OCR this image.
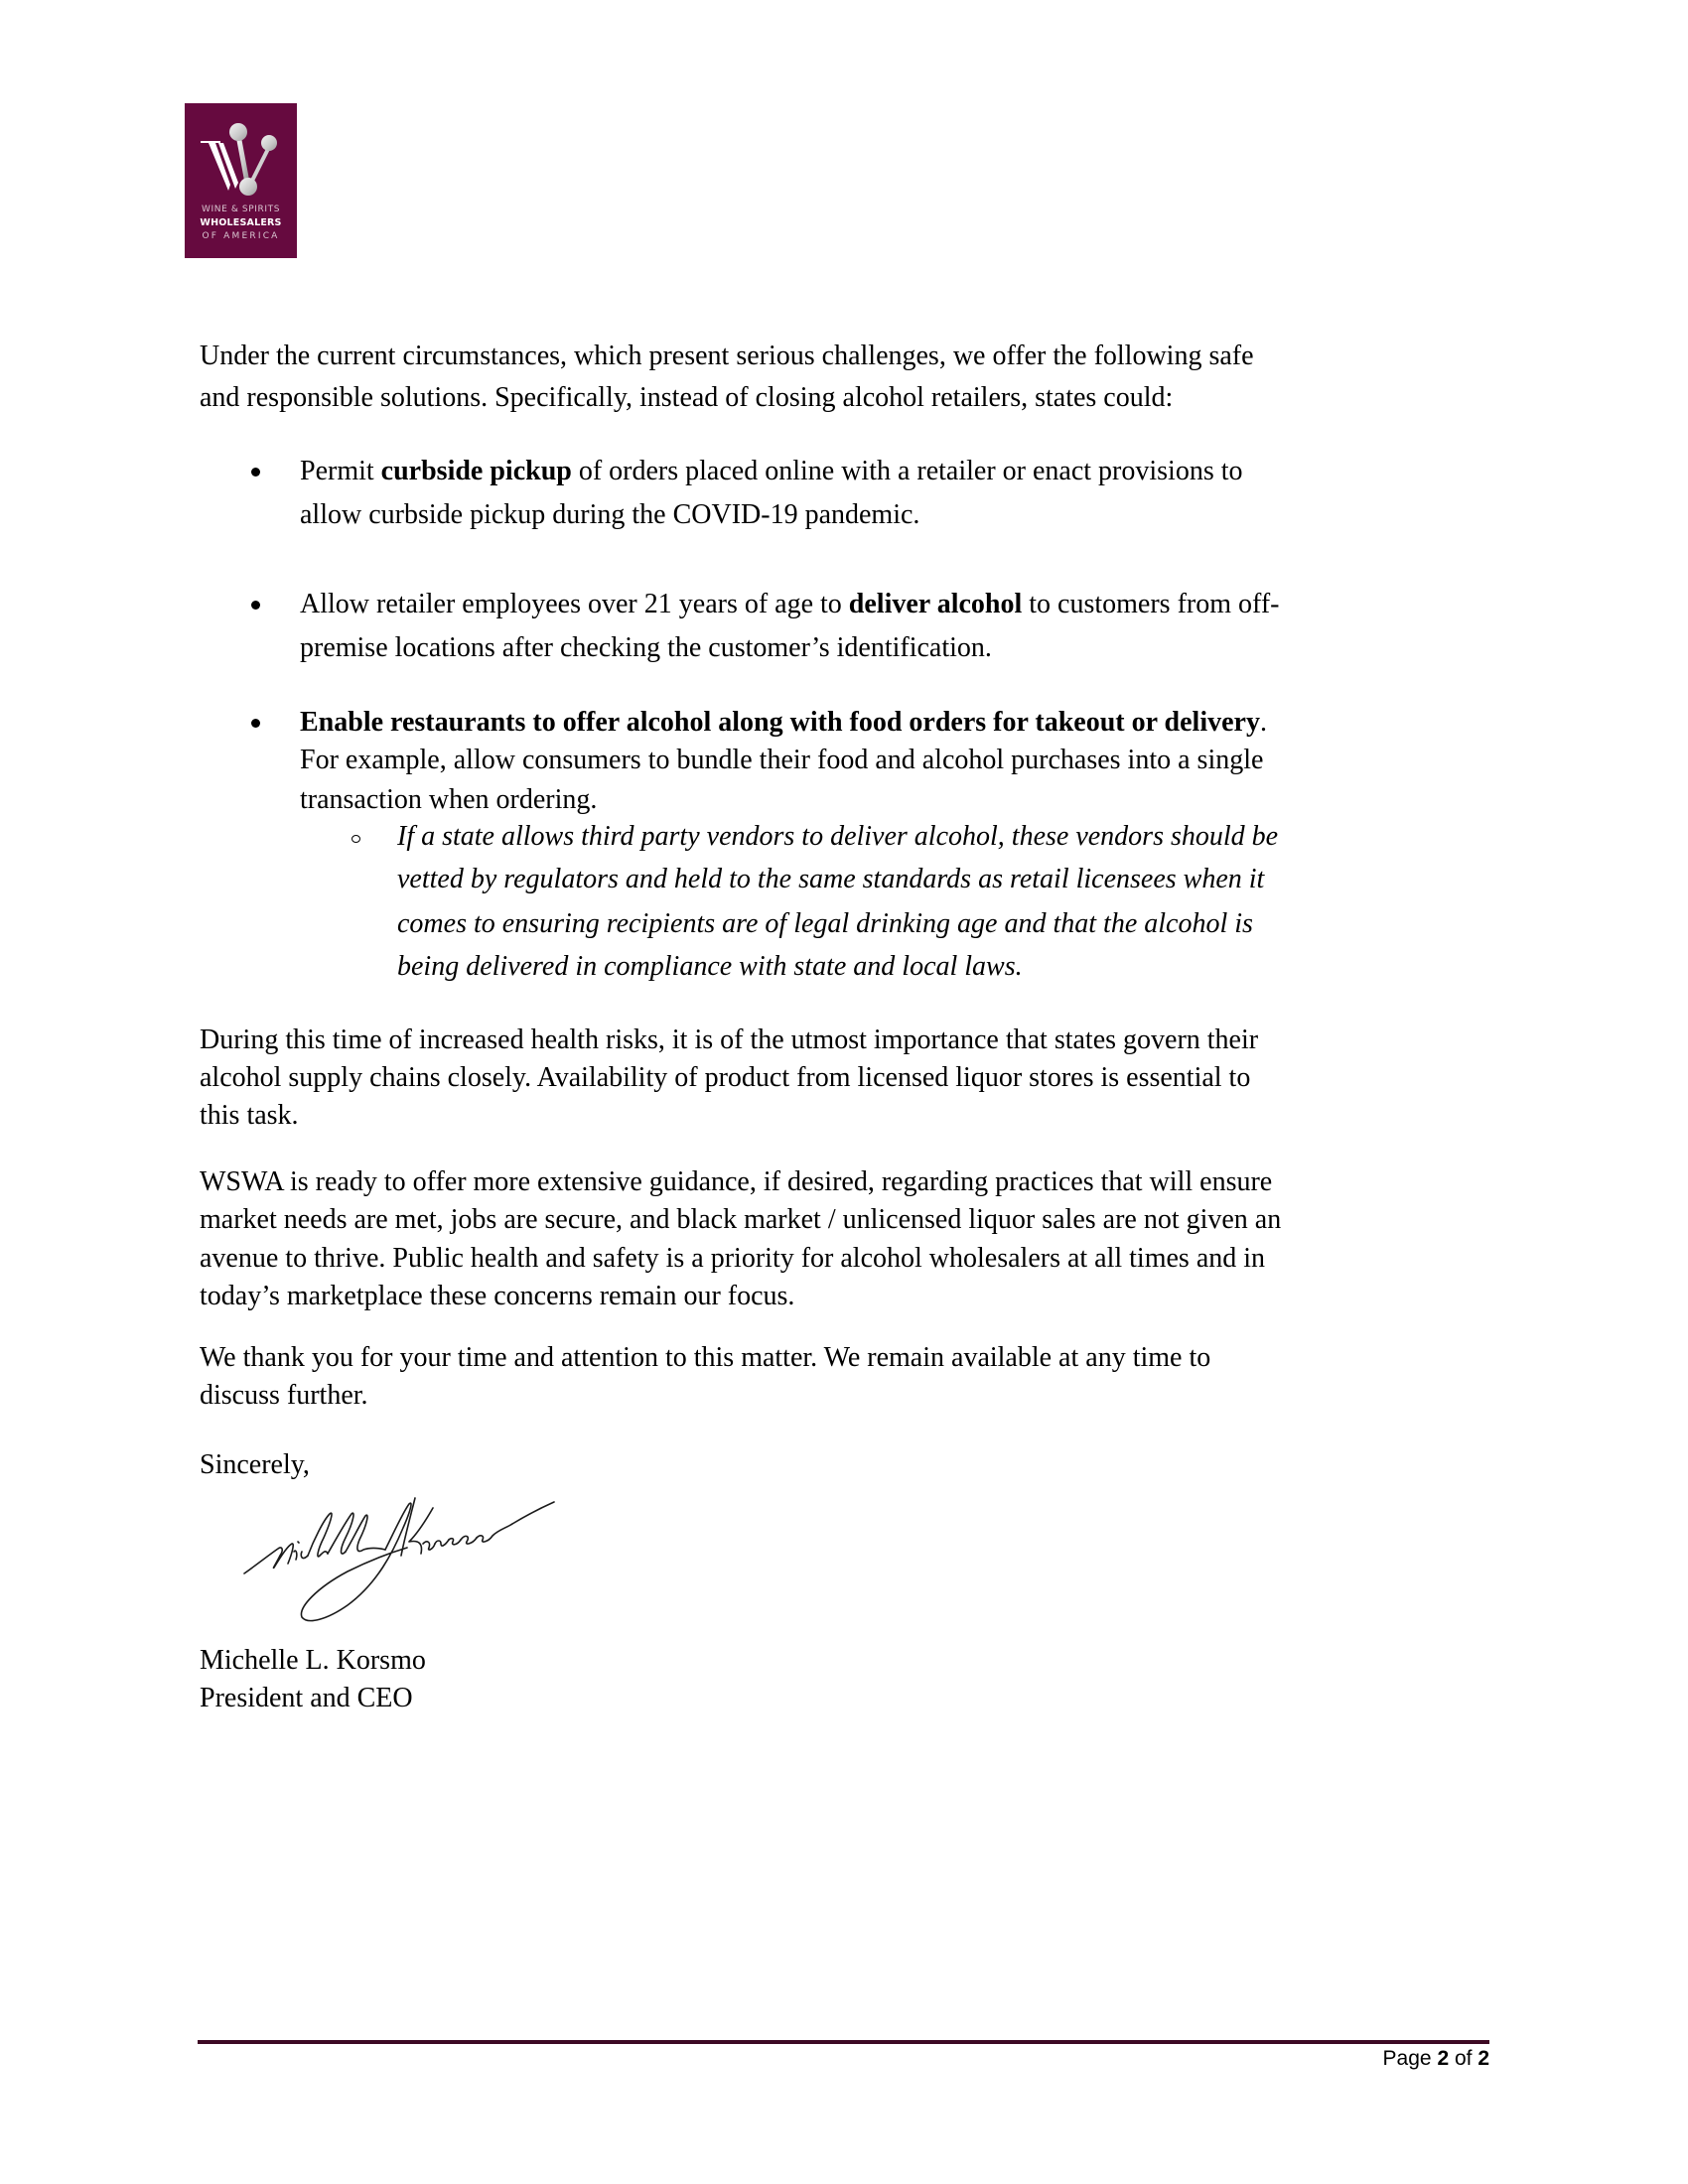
WINE & SPIRITS
WHOLESALERS
OF AMERICA
Under the current circumstances, which present serious challenges, we offer the following safe
and responsible solutions. Specifically, instead of closing alcohol retailers, states could:
Permit curbside pickup of orders placed online with a retailer or enact provisions to
allow curbside pickup during the COVID-19 pandemic.
Allow retailer employees over 21 years of age to deliver alcohol to customers from off-
premise locations after checking the customer’s identification.
Enable restaurants to offer alcohol along with food orders for takeout or delivery.
For example, allow consumers to bundle their food and alcohol purchases into a single
transaction when ordering.
If a state allows third party vendors to deliver alcohol, these vendors should be
vetted by regulators and held to the same standards as retail licensees when it
comes to ensuring recipients are of legal drinking age and that the alcohol is
being delivered in compliance with state and local laws.
During this time of increased health risks, it is of the utmost importance that states govern their
alcohol supply chains closely. Availability of product from licensed liquor stores is essential to
this task.
WSWA is ready to offer more extensive guidance, if desired, regarding practices that will ensure
market needs are met, jobs are secure, and black market / unlicensed liquor sales are not given an
avenue to thrive. Public health and safety is a priority for alcohol wholesalers at all times and in
today’s marketplace these concerns remain our focus.
We thank you for your time and attention to this matter. We remain available at any time to
discuss further.
Sincerely,
Michelle L. Korsmo
President and CEO
Page 2 of 2
